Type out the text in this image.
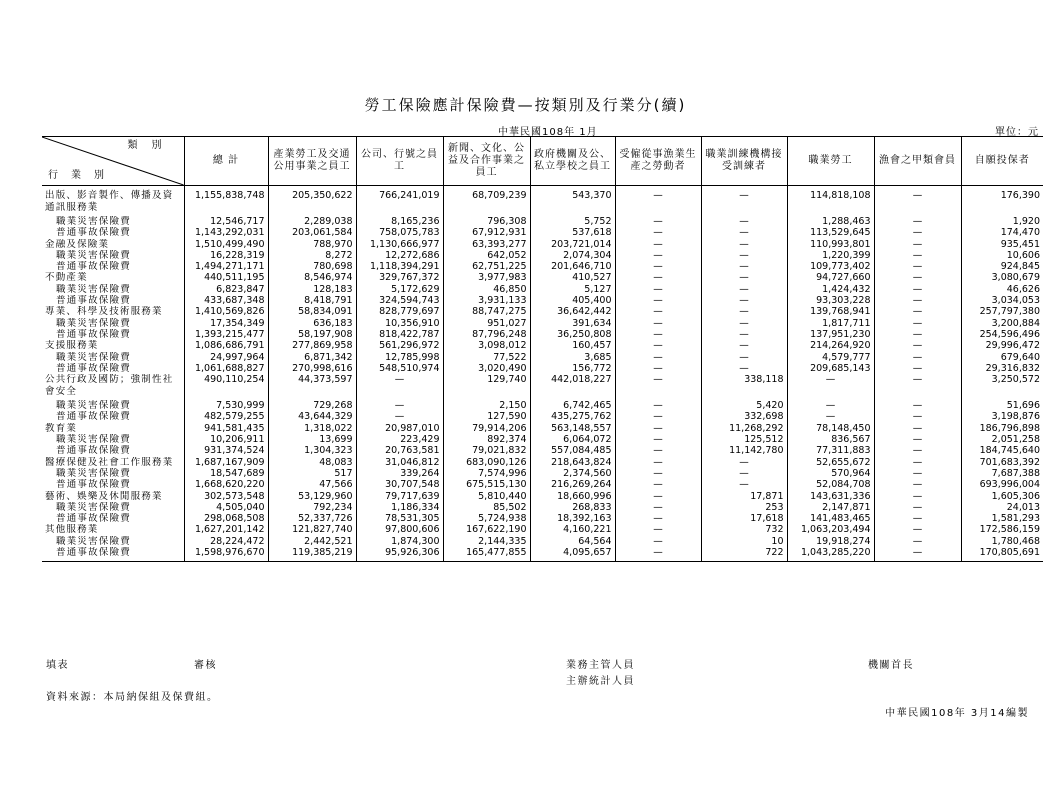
勞工保險應計保險費—按類別及行業分(續)
中華民國108年 1月	單位：元
類別
行業別	總 計	產業勞工及交通公用事業之員工	公司、行號之員工	新聞、文化、公益及合作事業之員工	政府機關及公、私立學校之員工	受僱從事漁業生產之勞動者	職業訓練機構接受訓練者	職業勞工	漁會之甲類會員	自願投保者
出版、影音製作、傳播及資通訊服務業	1,155,838,748	205,350,622	766,241,019	68,709,239	543,370	—	—	114,818,108	—	176,390
職業災害保險費	12,546,717	2,289,038	8,165,236	796,308	5,752	—	—	1,288,463	—	1,920
普通事故保險費	1,143,292,031	203,061,584	758,075,783	67,912,931	537,618	—	—	113,529,645	—	174,470
金融及保險業	1,510,499,490	788,970	1,130,666,977	63,393,277	203,721,014	—	—	110,993,801	—	935,451
職業災害保險費	16,228,319	8,272	12,272,686	642,052	2,074,304	—	—	1,220,399	—	10,606
普通事故保險費	1,494,271,171	780,698	1,118,394,291	62,751,225	201,646,710	—	—	109,773,402	—	924,845
不動產業	440,511,195	8,546,974	329,767,372	3,977,983	410,527	—	—	94,727,660	—	3,080,679
職業災害保險費	6,823,847	128,183	5,172,629	46,850	5,127	—	—	1,424,432	—	46,626
普通事故保險費	433,687,348	8,418,791	324,594,743	3,931,133	405,400	—	—	93,303,228	—	3,034,053
專業、科學及技術服務業	1,410,569,826	58,834,091	828,779,697	88,747,275	36,642,442	—	—	139,768,941	—	257,797,380
職業災害保險費	17,354,349	636,183	10,356,910	951,027	391,634	—	—	1,817,711	—	3,200,884
普通事故保險費	1,393,215,477	58,197,908	818,422,787	87,796,248	36,250,808	—	—	137,951,230	—	254,596,496
支援服務業	1,086,686,791	277,869,958	561,296,972	3,098,012	160,457	—	—	214,264,920	—	29,996,472
職業災害保險費	24,997,964	6,871,342	12,785,998	77,522	3,685	—	—	4,579,777	—	679,640
普通事故保險費	1,061,688,827	270,998,616	548,510,974	3,020,490	156,772	—	—	209,685,143	—	29,316,832
公共行政及國防；強制性社會安全	490,110,254	44,373,597	—	129,740	442,018,227	—	338,118	—	—	3,250,572
職業災害保險費	7,530,999	729,268	—	2,150	6,742,465	—	5,420	—	—	51,696
普通事故保險費	482,579,255	43,644,329	—	127,590	435,275,762	—	332,698	—	—	3,198,876
教育業	941,581,435	1,318,022	20,987,010	79,914,206	563,148,557	—	11,268,292	78,148,450	—	186,796,898
職業災害保險費	10,206,911	13,699	223,429	892,374	6,064,072	—	125,512	836,567	—	2,051,258
普通事故保險費	931,374,524	1,304,323	20,763,581	79,021,832	557,084,485	—	11,142,780	77,311,883	—	184,745,640
醫療保健及社會工作服務業	1,687,167,909	48,083	31,046,812	683,090,126	218,643,824	—	—	52,655,672	—	701,683,392
職業災害保險費	18,547,689	517	339,264	7,574,996	2,374,560	—	—	570,964	—	7,687,388
普通事故保險費	1,668,620,220	47,566	30,707,548	675,515,130	216,269,264	—	—	52,084,708	—	693,996,004
藝術、娛樂及休閒服務業	302,573,548	53,129,960	79,717,639	5,810,440	18,660,996	—	17,871	143,631,336	—	1,605,306
職業災害保險費	4,505,040	792,234	1,186,334	85,502	268,833	—	253	2,147,871	—	24,013
普通事故保險費	298,068,508	52,337,726	78,531,305	5,724,938	18,392,163	—	17,618	141,483,465	—	1,581,293
其他服務業	1,627,201,142	121,827,740	97,800,606	167,622,190	4,160,221	—	732	1,063,203,494	—	172,586,159
職業災害保險費	28,224,472	2,442,521	1,874,300	2,144,335	64,564	—	10	19,918,274	—	1,780,468
普通事故保險費	1,598,976,670	119,385,219	95,926,306	165,477,855	4,095,657	—	722	1,043,285,220	—	170,805,691
填表	審核	業務主管人員
主辦統計人員
機關首長
資料來源：本局納保組及保費組。
中華民國108年 3月14編製
